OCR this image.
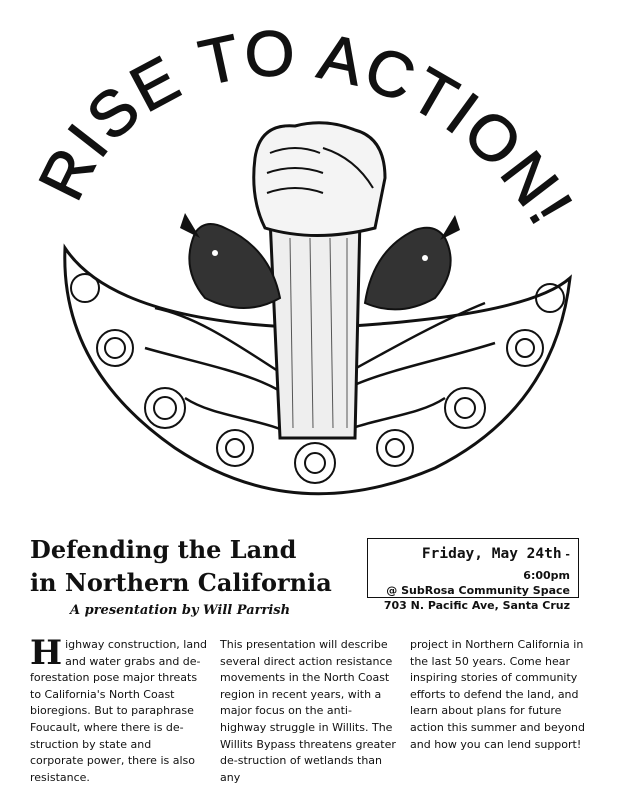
RISE TO ACTION!
Defending the Land
in Northern California
A presentation by Will Parrish
Friday, May 24th - 6:00pm
@ SubRosa Community Space
703 N. Pacific Ave, Santa Cruz
Highway construction, land and water grabs and de-forestation pose major threats to California's North Coast bioregions. But to paraphrase Foucault, where there is de-struction by state and corporate power, there is also resistance.
This presentation will describe several direct action resistance movements in the North Coast region in recent years, with a major focus on the anti-highway struggle in Willits. The Willits Bypass threatens greater de-struction of wetlands than any
project in Northern California in the last 50 years. Come hear inspiring stories of community efforts to defend the land, and learn about plans for future action this summer and beyond and how you can lend support!
